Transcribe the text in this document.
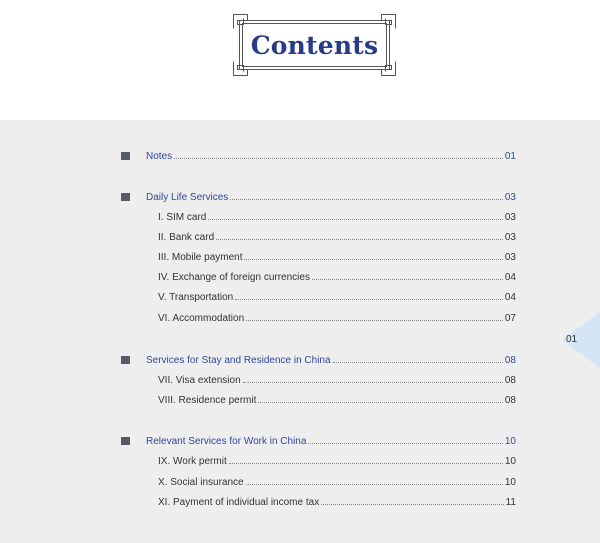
Contents
Notes	01
Daily Life Services	03
I. SIM card	03
II. Bank card	03
III. Mobile payment	03
IV. Exchange of foreign currencies	04
V. Transportation	04
VI. Accommodation	07
Services for Stay and Residence in China	08
VII. Visa extension	08
VIII. Residence permit	08
Relevant Services for Work in China	10
IX. Work permit	10
X. Social insurance	10
XI. Payment of individual income tax	11
01
